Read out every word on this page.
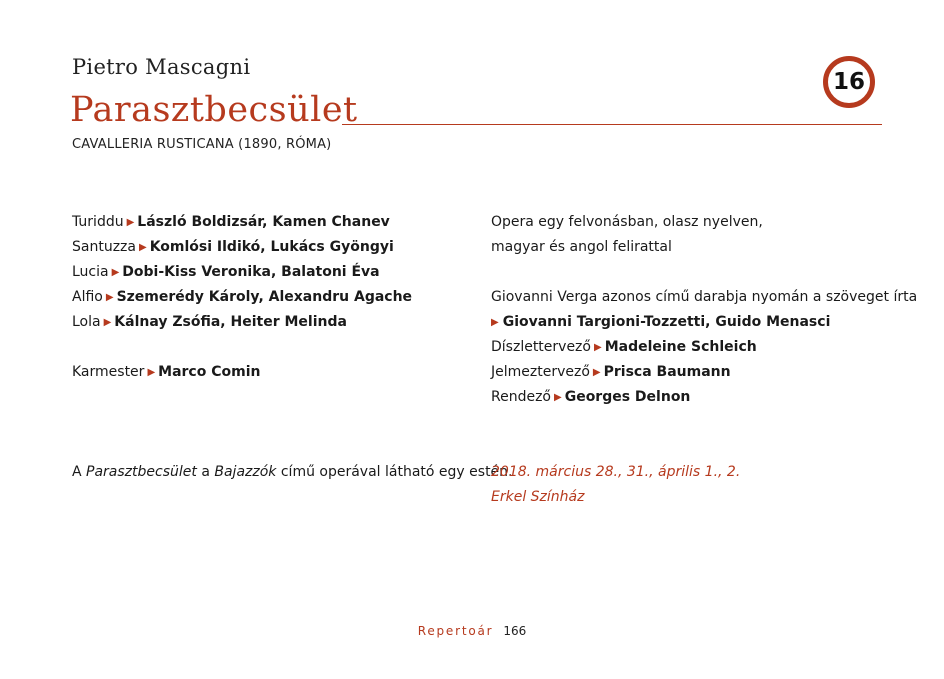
Pietro Mascagni
16
Parasztbecsület
CAVALLERIA RUSTICANA (1890, RÓMA)
Turiddu ▶ László Boldizsár, Kamen Chanev
Santuzza ▶ Komlósi Ildikó, Lukács Gyöngyi
Lucia ▶ Dobi-Kiss Veronika, Balatoni Éva
Alfio ▶ Szemerédy Károly, Alexandru Agache
Lola ▶ Kálnay Zsófia, Heiter Melinda
Karmester ▶ Marco Comin
Opera egy felvonásban, olasz nyelven,
magyar és angol felirattal
Giovanni Verga azonos című darabja nyomán a szöveget írta
▶ Giovanni Targioni-Tozzetti, Guido Menasci
Díszlettervező ▶ Madeleine Schleich
Jelmeztervező ▶ Prisca Baumann
Rendező ▶ Georges Delnon
A Parasztbecsület a Bajazzók című operával látható egy estén.
2018. március 28., 31., április 1., 2.
Erkel Színház
Repertoár 166
